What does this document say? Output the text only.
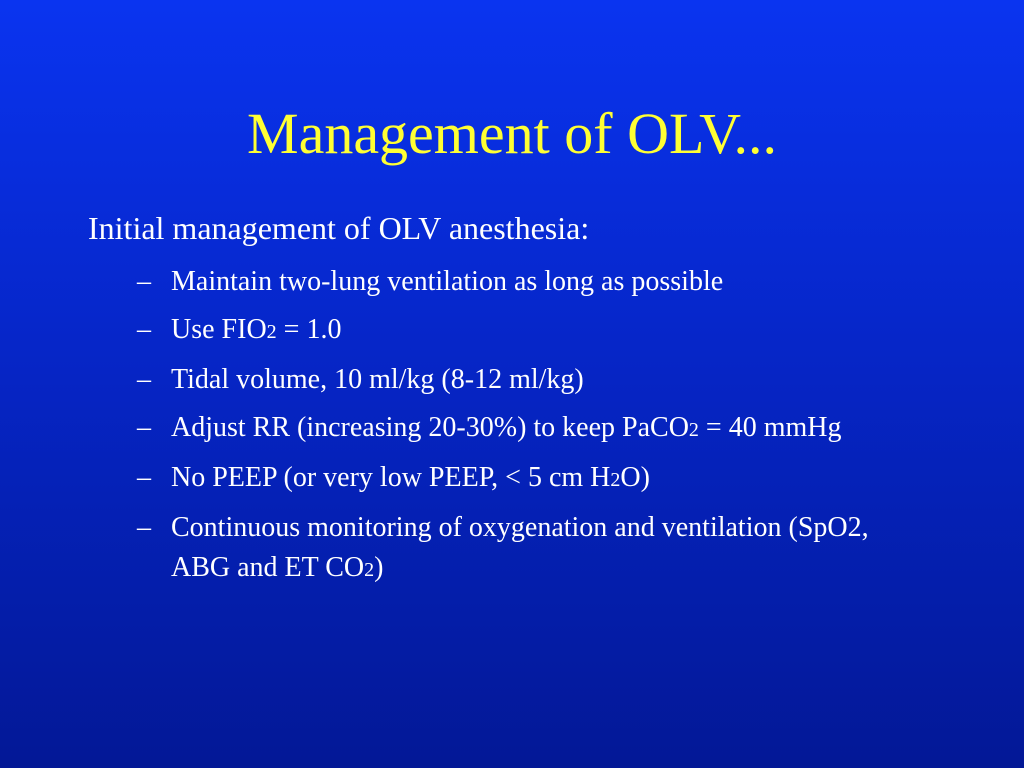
Management of OLV...
Initial management of OLV anesthesia:
– Maintain two-lung ventilation as long as possible
– Use FIO2 = 1.0
– Tidal volume, 10 ml/kg (8-12 ml/kg)
– Adjust RR (increasing 20-30%) to keep PaCO2 = 40 mmHg
– No PEEP (or very low PEEP, < 5 cm H2O)
– Continuous monitoring of oxygenation and ventilation (SpO2, ABG and ET CO2)
